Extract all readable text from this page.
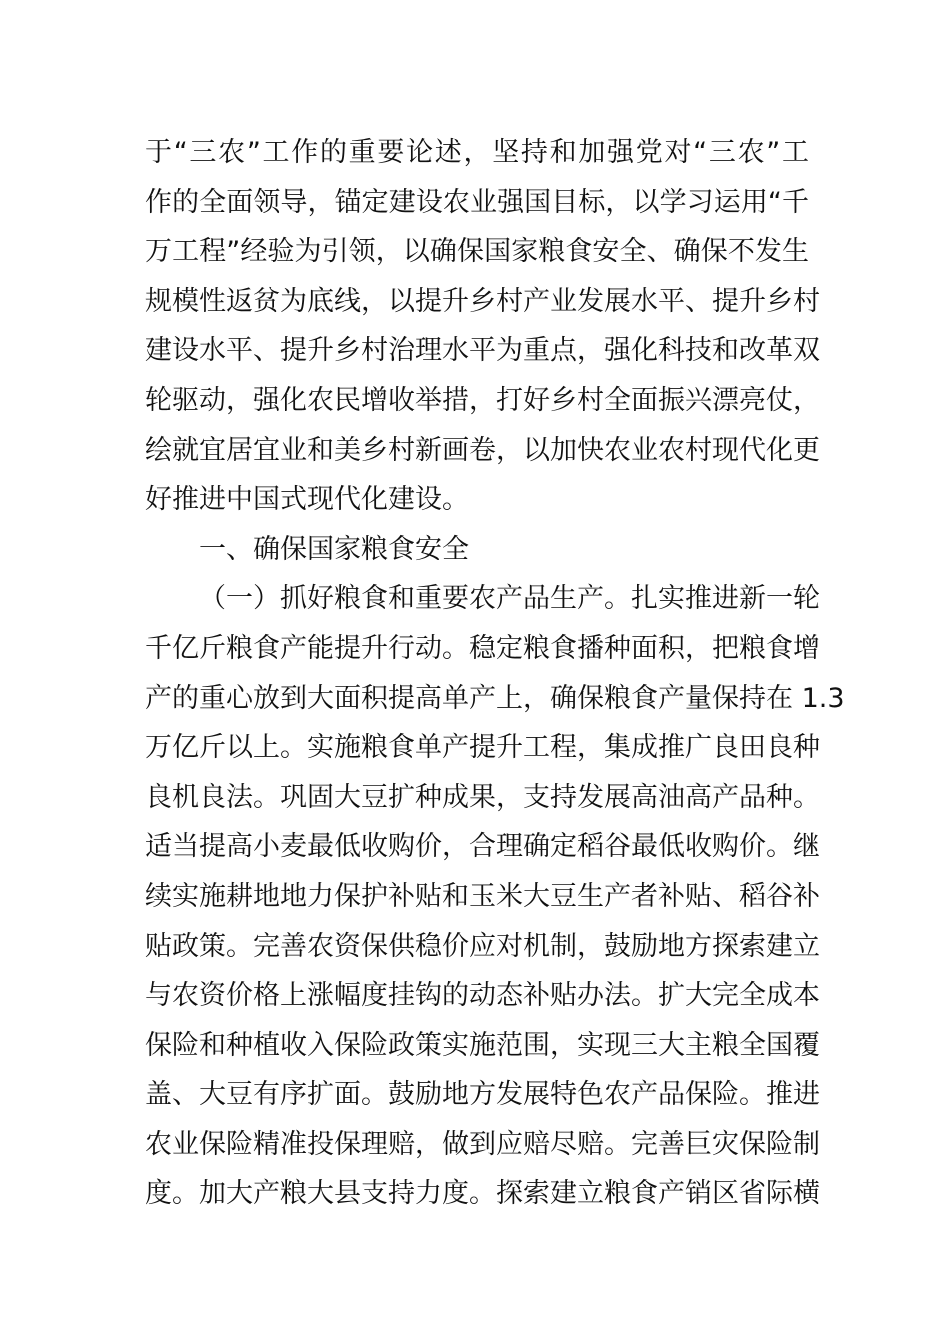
于“三农”工作的重要论述，坚持和加强党对“三农”工
作的全面领导，锚定建设农业强国目标，以学习运用“千
万工程”经验为引领，以确保国家粮食安全、确保不发生
规模性返贫为底线，以提升乡村产业发展水平、提升乡村
建设水平、提升乡村治理水平为重点，强化科技和改革双
轮驱动，强化农民增收举措，打好乡村全面振兴漂亮仗，
绘就宜居宜业和美乡村新画卷，以加快农业农村现代化更
好推进中国式现代化建设。
一、确保国家粮食安全
（一）抓好粮食和重要农产品生产。扎实推进新一轮
千亿斤粮食产能提升行动。稳定粮食播种面积，把粮食增
产的重心放到大面积提高单产上，确保粮食产量保持在 1.3
万亿斤以上。实施粮食单产提升工程，集成推广良田良种
良机良法。巩固大豆扩种成果，支持发展高油高产品种。
适当提高小麦最低收购价，合理确定稻谷最低收购价。继
续实施耕地地力保护补贴和玉米大豆生产者补贴、稻谷补
贴政策。完善农资保供稳价应对机制，鼓励地方探索建立
与农资价格上涨幅度挂钩的动态补贴办法。扩大完全成本
保险和种植收入保险政策实施范围，实现三大主粮全国覆
盖、大豆有序扩面。鼓励地方发展特色农产品保险。推进
农业保险精准投保理赔，做到应赔尽赔。完善巨灾保险制
度。加大产粮大县支持力度。探索建立粮食产销区省际横
